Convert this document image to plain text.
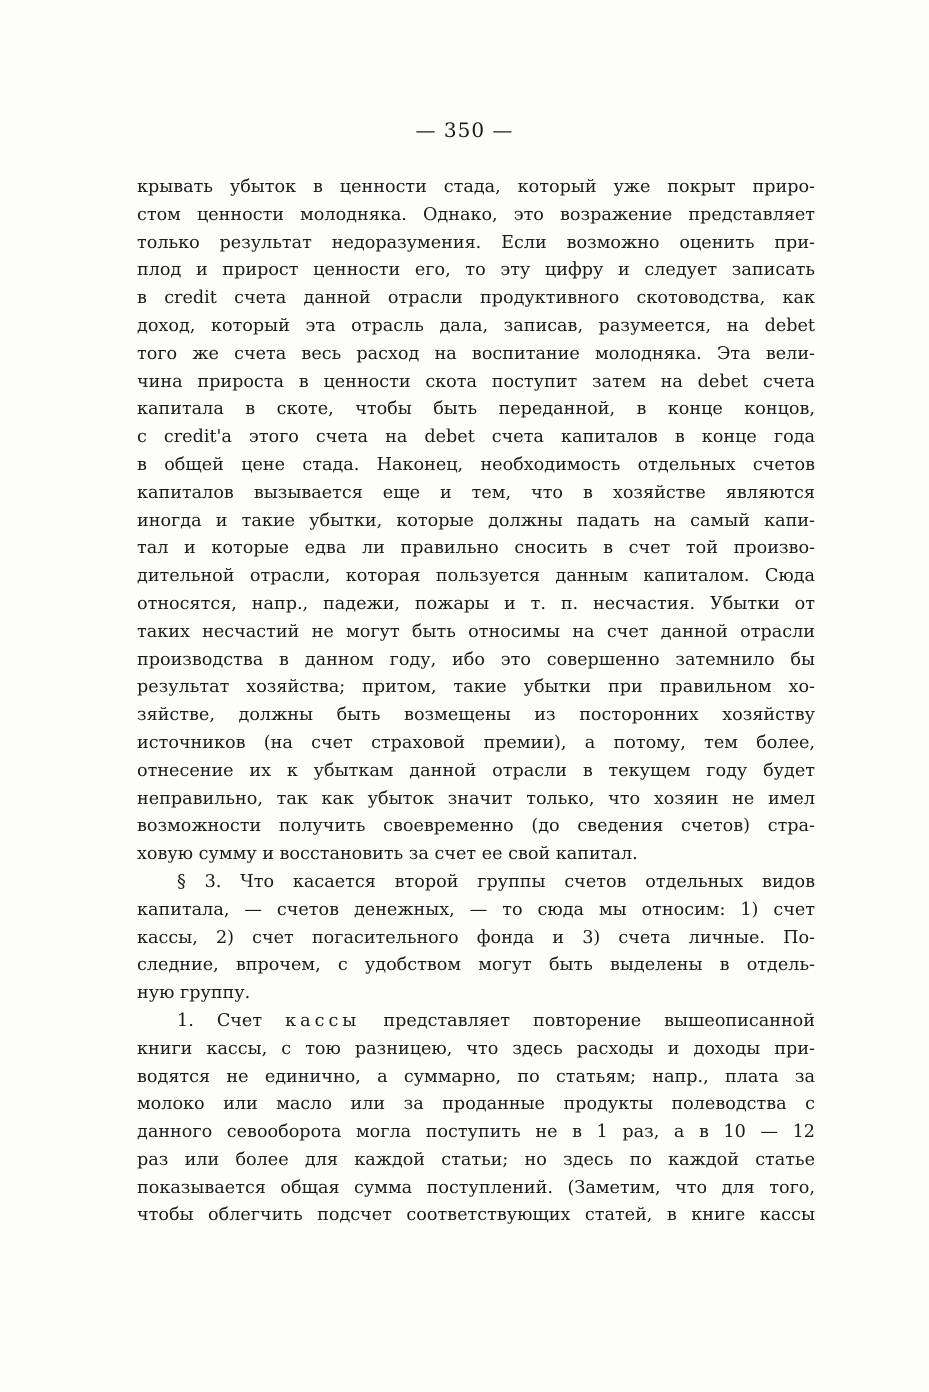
— 350 —
крывать убыток в ценности стада, который уже покрыт приро-
стом ценности молодняка. Однако, это возражение представляет
только результат недоразумения. Если возможно оценить при-
плод и прирост ценности его, то эту цифру и следует записать
в credit счета данной отрасли продуктивного скотоводства, как
доход, который эта отрасль дала, записав, разумеется, на debet
того же счета весь расход на воспитание молодняка. Эта вели-
чина прироста в ценности скота поступит затем на debet счета
капитала в скоте, чтобы быть переданной, в конце концов,
с credit'а этого счета на debet счета капиталов в конце года
в общей цене стада. Наконец, необходимость отдельных счетов
капиталов вызывается еще и тем, что в хозяйстве являются
иногда и такие убытки, которые должны падать на самый капи-
тал и которые едва ли правильно сносить в счет той произво-
дительной отрасли, которая пользуется данным капиталом. Сюда
относятся, напр., падежи, пожары и т. п. несчастия. Убытки от
таких несчастий не могут быть относимы на счет данной отрасли
производства в данном году, ибо это совершенно затемнило бы
результат хозяйства; притом, такие убытки при правильном хо-
зяйстве, должны быть возмещены из посторонних хозяйству
источников (на счет страховой премии), а потому, тем более,
отнесение их к убыткам данной отрасли в текущем году будет
неправильно, так как убыток значит только, что хозяин не имел
возможности получить своевременно (до сведения счетов) стра-
ховую сумму и восстановить за счет ее свой капитал.
§ 3. Что касается второй группы счетов отдельных видов
капитала, — счетов денежных, — то сюда мы относим: 1) счет
кассы, 2) счет погасительного фонда и 3) счета личные. По-
следние, впрочем, с удобством могут быть выделены в отдель-
ную группу.
1. Счет кассы представляет повторение вышеописанной
книги кассы, с тою разницею, что здесь расходы и доходы при-
водятся не единично, а суммарно, по статьям; напр., плата за
молоко или масло или за проданные продукты полеводства с
данного севооборота могла поступить не в 1 раз, а в 10 — 12
раз или более для каждой статьи; но здесь по каждой статье
показывается общая сумма поступлений. (Заметим, что для того,
чтобы облегчить подсчет соответствующих статей, в книге кассы
